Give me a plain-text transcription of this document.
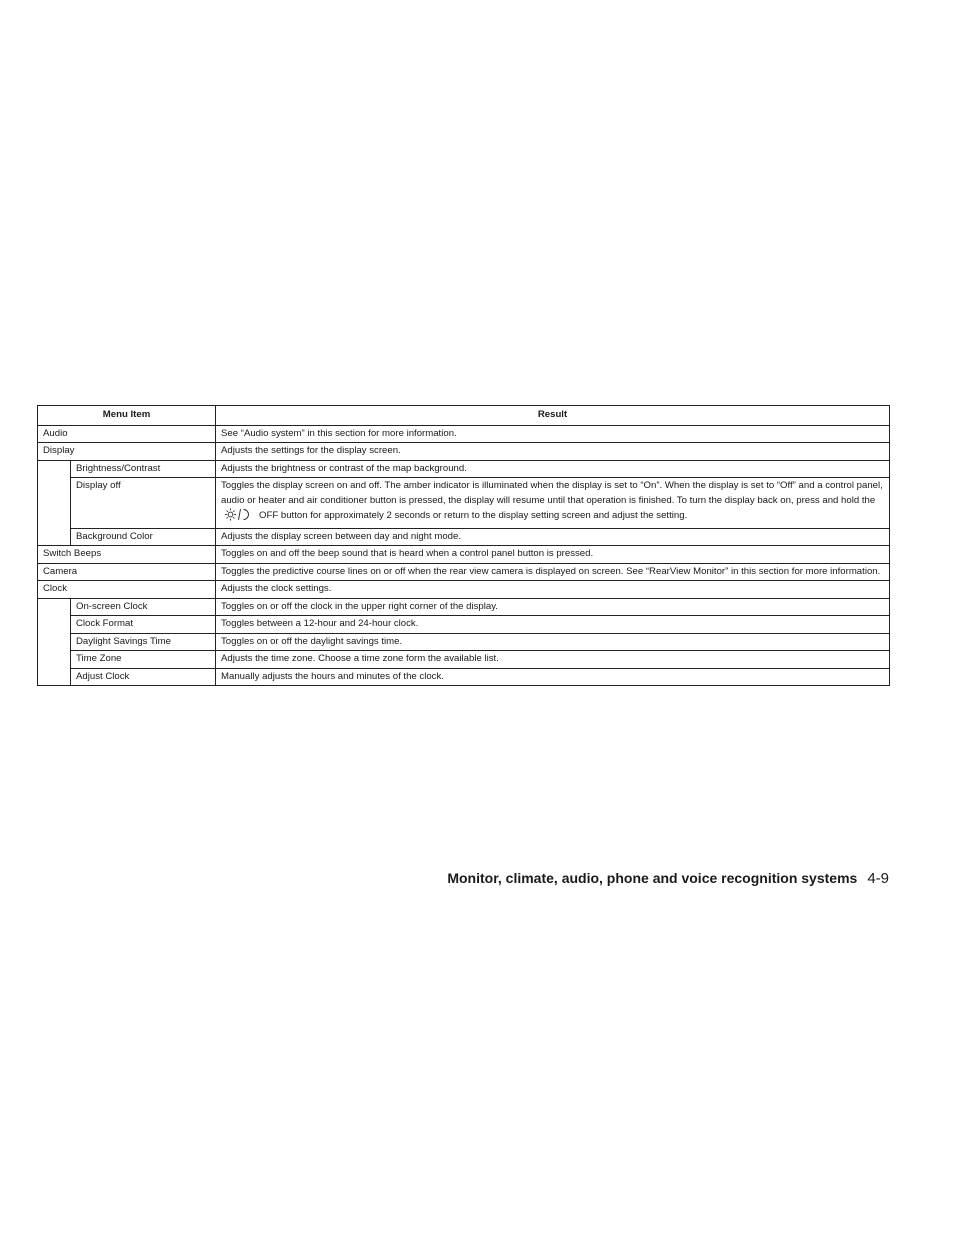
Menu Item		Result
Audio		See “Audio system” in this section for more information.
Display		Adjusts the settings for the display screen.
	Brightness/Contrast	Adjusts the brightness or contrast of the map background.
	Display off	Toggles the display screen on and off. The amber indicator is illuminated when the display is set to “On”. When the display is set to “Off” and a control panel, audio or heater and air conditioner button is pressed, the display will resume until that operation is finished. To turn the display back on, press and hold theOFF button for approximately 2 seconds or return to the display setting screen and adjust the setting.
	Background Color	Adjusts the display screen between day and night mode.
Switch Beeps		Toggles on and off the beep sound that is heard when a control panel button is pressed.
Camera		Toggles the predictive course lines on or off when the rear view camera is displayed on screen. See “RearView Monitor” in this section for more information.
Clock		Adjusts the clock settings.
	On-screen Clock	Toggles on or off the clock in the upper right corner of the display.
	Clock Format	Toggles between a 12-hour and 24-hour clock.
	Daylight Savings Time	Toggles on or off the daylight savings time.
	Time Zone	Adjusts the time zone. Choose a time zone form the available list.
	Adjust Clock	Manually adjusts the hours and minutes of the clock.
Monitor, climate, audio, phone and voice recognition systems 4-9
